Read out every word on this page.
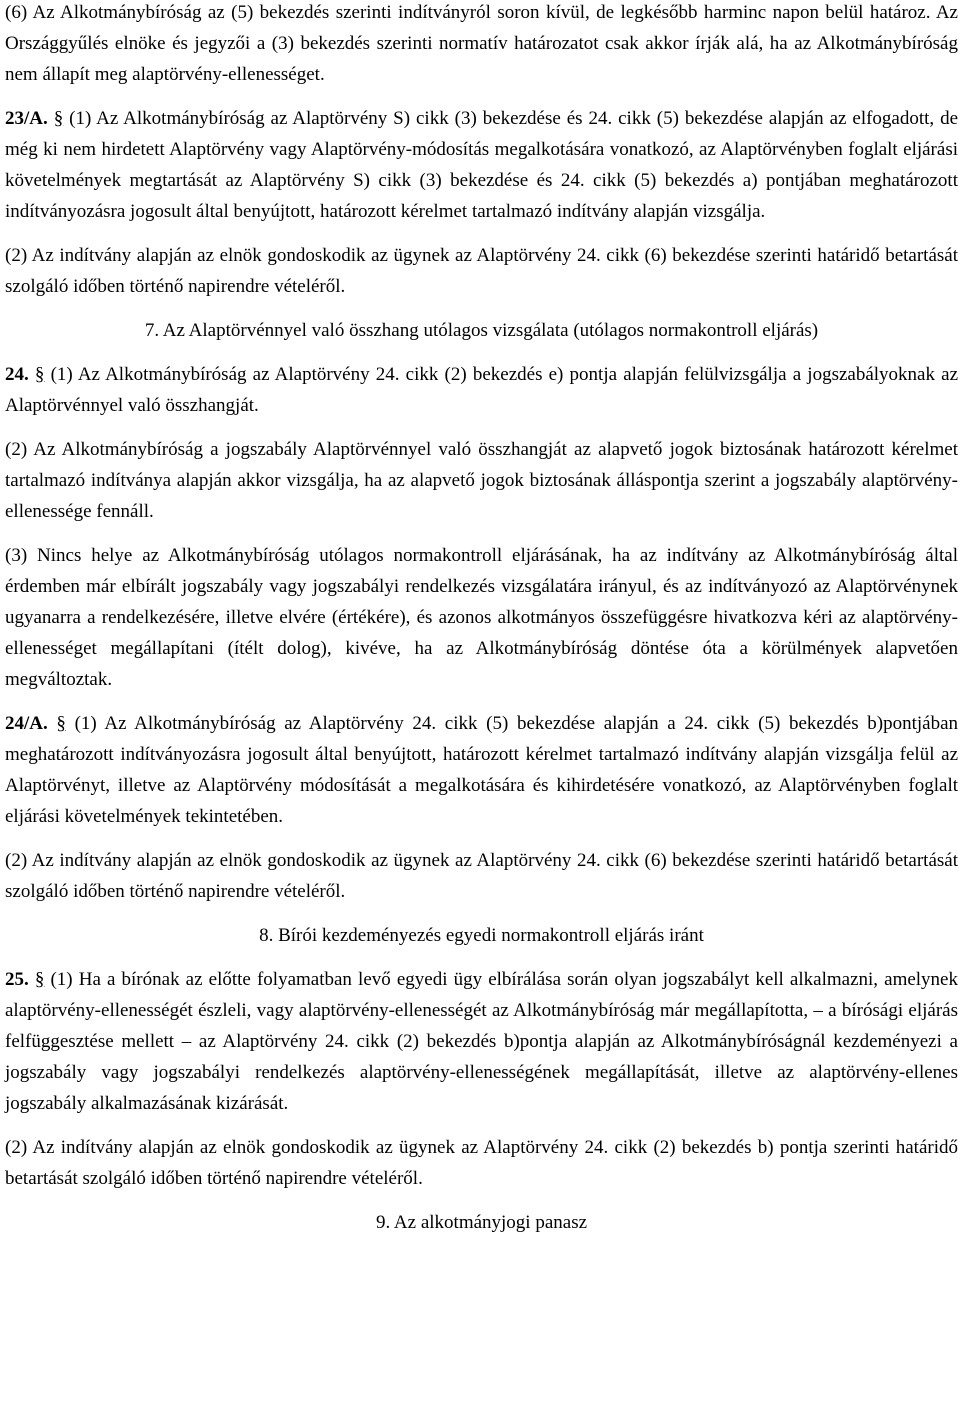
(6) Az Alkotmánybíróság az (5) bekezdés szerinti indítványról soron kívül, de legkésőbb harminc napon belül határoz. Az Országgyűlés elnöke és jegyzői a (3) bekezdés szerinti normatív határozatot csak akkor írják alá, ha az Alkotmánybíróság nem állapít meg alaptörvény-ellenességet.

23/A. § (1) Az Alkotmánybíróság az Alaptörvény S) cikk (3) bekezdése és 24. cikk (5) bekezdése alapján az elfogadott, de még ki nem hirdetett Alaptörvény vagy Alaptörvény-módosítás megalkotására vonatkozó, az Alaptörvényben foglalt eljárási követelmények megtartását az Alaptörvény S) cikk (3) bekezdése és 24. cikk (5) bekezdés a) pontjában meghatározott indítványozásra jogosult által benyújtott, határozott kérelmet tartalmazó indítvány alapján vizsgálja.

(2) Az indítvány alapján az elnök gondoskodik az ügynek az Alaptörvény 24. cikk (6) bekezdése szerinti határidő betartását szolgáló időben történő napirendre vételéről.

7. Az Alaptörvénnyel való összhang utólagos vizsgálata (utólagos normakontroll eljárás)

24. § (1) Az Alkotmánybíróság az Alaptörvény 24. cikk (2) bekezdés e) pontja alapján felülvizsgálja a jogszabályoknak az Alaptörvénnyel való összhangját.

(2) Az Alkotmánybíróság a jogszabály Alaptörvénnyel való összhangját az alapvető jogok biztosának határozott kérelmet tartalmazó indítványa alapján akkor vizsgálja, ha az alapvető jogok biztosának álláspontja szerint a jogszabály alaptörvény-ellenessége fennáll.

(3) Nincs helye az Alkotmánybíróság utólagos normakontroll eljárásának, ha az indítvány az Alkotmánybíróság által érdemben már elbírált jogszabály vagy jogszabályi rendelkezés vizsgálatára irányul, és az indítványozó az Alaptörvénynek ugyanarra a rendelkezésére, illetve elvére (értékére), és azonos alkotmányos összefüggésre hivatkozva kéri az alaptörvény-ellenességet megállapítani (ítélt dolog), kivéve, ha az Alkotmánybíróság döntése óta a körülmények alapvetően megváltoztak.

24/A. § (1) Az Alkotmánybíróság az Alaptörvény 24. cikk (5) bekezdése alapján a 24. cikk (5) bekezdés b)pontjában meghatározott indítványozásra jogosult által benyújtott, határozott kérelmet tartalmazó indítvány alapján vizsgálja felül az Alaptörvényt, illetve az Alaptörvény módosítását a megalkotására és kihirdetésére vonatkozó, az Alaptörvényben foglalt eljárási követelmények tekintetében.

(2) Az indítvány alapján az elnök gondoskodik az ügynek az Alaptörvény 24. cikk (6) bekezdése szerinti határidő betartását szolgáló időben történő napirendre vételéről.

8. Bírói kezdeményezés egyedi normakontroll eljárás iránt

25. § (1) Ha a bírónak az előtte folyamatban levő egyedi ügy elbírálása során olyan jogszabályt kell alkalmazni, amelynek alaptörvény-ellenességét észleli, vagy alaptörvény-ellenességét az Alkotmánybíróság már megállapította, – a bírósági eljárás felfüggesztése mellett – az Alaptörvény 24. cikk (2) bekezdés b)pontja alapján az Alkotmánybíróságnál kezdeményezi a jogszabály vagy jogszabályi rendelkezés alaptörvény-ellenességének megállapítását, illetve az alaptörvény-ellenes jogszabály alkalmazásának kizárását.

(2) Az indítvány alapján az elnök gondoskodik az ügynek az Alaptörvény 24. cikk (2) bekezdés b) pontja szerinti határidő betartását szolgáló időben történő napirendre vételéről.

9. Az alkotmányjogi panasz
